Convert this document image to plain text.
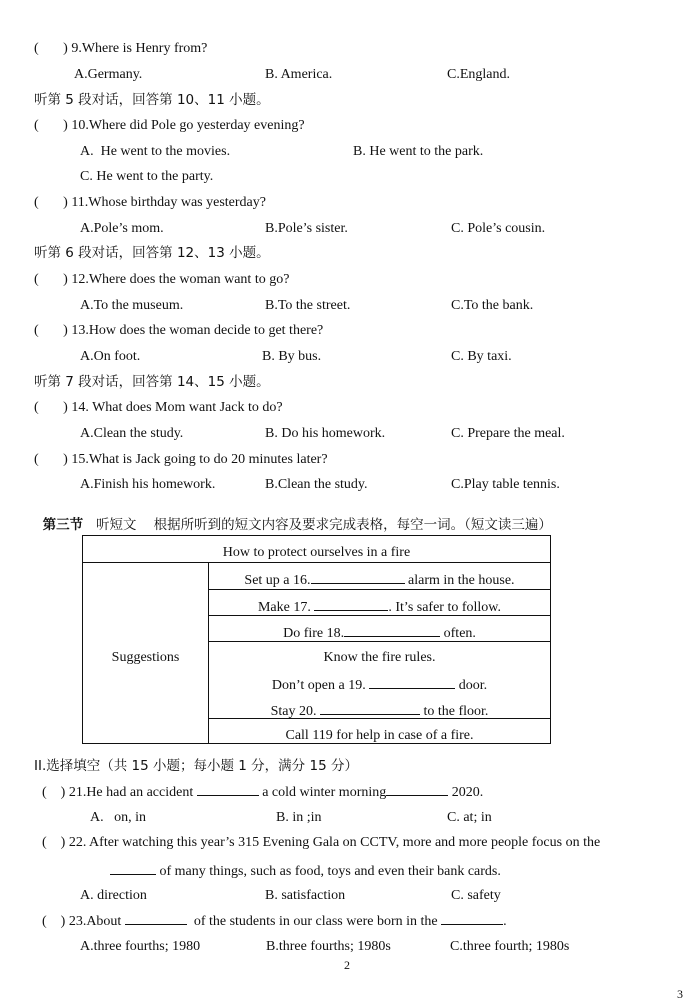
(       ) 9.Where is Henry from?
A.Germany.	B. America.	C.England.
听第 5 段对话，回答第 10、11 小题。
(       ) 10.Where did Pole go yesterday evening?
A.  He went to the movies.	B. He went to the park.
C. He went to the party.
(       ) 11.Whose birthday was yesterday?
A.Pole’s mom.	B.Pole’s sister.	C. Pole’s cousin.
听第 6 段对话，回答第 12、13 小题。
(       ) 12.Where does the woman want to go?
A.To the museum.	B.To the street.	C.To the bank.
(       ) 13.How does the woman decide to get there?
A.On foot.	B. By bus.	C. By taxi.
听第 7 段对话，回答第 14、15 小题。
(       ) 14. What does Mom want Jack to do?
A.Clean the study.	B. Do his homework.	C. Prepare the meal.
(       ) 15.What is Jack going to do 20 minutes later?
A.Finish his homework.	B.Clean the study.	C.Play table tennis.

第三节 听短文    根据所听到的短文内容及要求完成表格，每空一词。（短文读三遍）

How to protect ourselves in a fire
Suggestions
Set up a 16.	alarm in the house.
Make 17.	. It’s safer to follow.
Do fire 18.	often.
Know the fire rules.
Don’t open a 19.	door.
Stay 20.	to the floor.
Call 119 for help in case of a fire.
II.选择填空（共 15 小题；每小题 1 分，满分 15 分）
(    ) 21.He had an accident	a cold winter morning	2020.
A.   on, in	B. in ;in	C. at; in
(    ) 22. After watching this year’s 315 Evening Gala on CCTV, more and more people focus on the
of many things, such as food, toys and even their bank cards.
A. direction	B. satisfaction	C. safety
(    ) 23.About	of the students in our class were born in the	.
A.three fourths; 1980	B.three fourths; 1980s	C.three fourth; 1980s
2
3
